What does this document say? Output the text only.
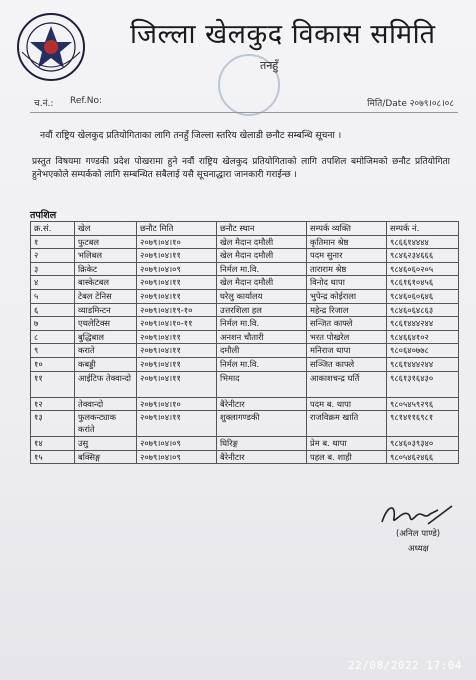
जिल्ला खेलकुद विकास समिति
तनहुँ
च.नं.: Ref.No:	मिति/Date २०७९।०८।०८
नवौं राष्ट्रिय खेलकुद प्रतियोगिताका लागि तनहुँ जिल्ला स्तरिय खेलाडी छनौट सम्बन्धि सूचना ।
प्रस्तुत विषयमा गण्डकी प्रदेश पोखरामा हुने नवौं राष्ट्रिय खेलकुद प्रतियोगिताको लागि तपशिल बमोजिमको छनौट प्रतियोगिता हुनेभएकोले सम्पर्कको लागि सम्बन्धित सबैलाई यसै सूचनाद्धारा जानकारी गराईन्छ ।
तपशिल
क्र.सं.	खेल	छनौट मिति	छनौट स्थान	सम्पर्क व्यक्ति	सम्पर्क नं.
१	फुटबल	२०७९।०४।१०	खेल मैदान दमौली	कृतिमान श्रेष्ठ	९८६६१४४४४
२	भलिबल	२०७९।०४।११	खेल मैदान दमौली	पदम सुनार	९८४६२३४६६६
३	क्रिकेट	२०७९।०४।०९	निर्मल मा.वि.	ताराराम श्रेष्ठ	९८४६०६०२०५
४	बास्केटबल	२०७९।०४।११	खेल मैदान दमौली	विनोद थापा	९८६१६१०४५६
५	टेबल टेनिस	२०७९।०४।११	घरेलु कार्यालय	भुपेन्द्र कोईराला	९८४६०६०६४६
६	व्याडमिन्टन	२०७९।०४।१९-१०	उत्तरशिला हल	महेन्द्र रिजाल	९८४६०६४८६३
७	एथलेटिक्स	२०७९।०४।१०-११	निर्मल मा.वि.	सन्जित काफ्ले	९८६१४४४२४४
८	बुद्धिबाल	२०७९।०४।११	अनशन चौतारी	भरत पोखरेल	९८४६६४१०२
९	कराते	२०७९।०४।११	दमौली	मनिराज थापा	९८०६४०७७८
१०	कबड्डी	२०७९।०४।११	निर्मल मा.वि.	सञ्जित काफ्ले	९८६१४४४२४४
११	आईटिफ तेक्वान्दो	२०७९।०४।११	भिमाद	आकाशचन्द्र घर्ति	९८६१३१६४३०
१२	तेक्वान्दो	२०७९।०४।१०	बैरेनीटार	पदम ब. थापा	९८०५४५९२९६
१३	फुलकन्ट्याक करांते	२०७९।०४।११	शुक्लागण्डकी	राजविक्रम खाति	९८१४११६९८१
१४	उसु	२०७९।०४।०९	घिरिङ्ग	प्रेम ब. थापा	९८४६०३९३४०
१५	बक्सिङ्ग	२०७९।०४।०९	बैरेनीटार	पहल ब. शाही	९८०५४६२४६६
(अनिल पाण्डे)
अध्यक्ष
22/08/2022 17:04
